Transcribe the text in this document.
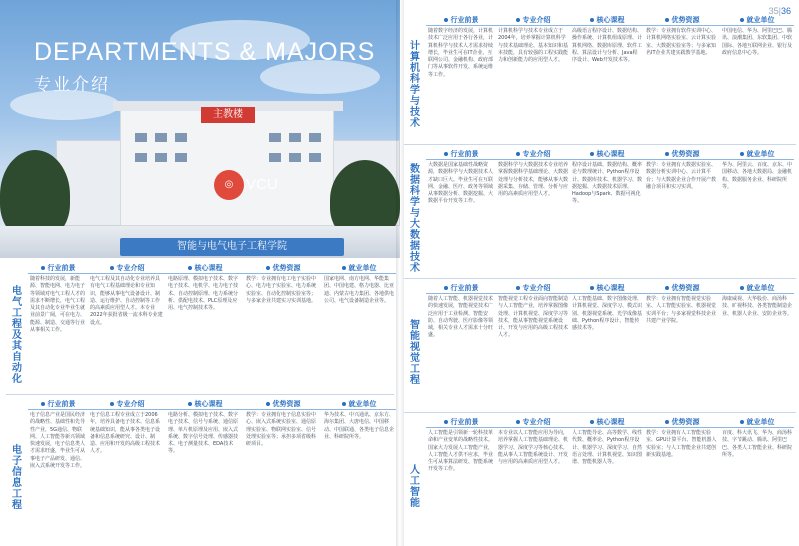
DEPARTMENTS & MAJORS
专业介绍
主教楼
◎ VCU
智能与电气电子工程学院
电气工程及其自动化
行业前景
随着科技的发展，新能源、智能电网、电力电子等领域对电气工程人才的需求不断增长，电气工程及其自动化专业毕业生就业前景广阔，可在电力、能源、制造、交通等行业从事相关工作。
专业介绍
电气工程及其自动化专业培养具有电气工程基础理论和专业知识，能够从事电气设备设计、制造、运行维护、自动控制等工作的高素质应用型人才。本专业2022年获批省级一流本科专业建设点。
核心课程
电路原理、模拟电子技术、数字电子技术、电机学、电力电子技术、自动控制原理、电力系统分析、供配电技术、PLC原理及应用、电气控制技术等。
优势资源
教学：专业拥有电工电子实验中心、电力电子实验室、电力系统实验室、自动化控制实验室等；与多家企业共建实习实训基地。
就业单位
国家电网、南方电网、华能集团、中国电建、格力电器、比亚迪、内蒙古电力集团、各地供电公司、电气设备制造企业等。
电子信息工程
行业前景
电子信息产业是国民经济的战略性、基础性和先导性产业，5G通信、物联网、人工智能等新兴领域快速发展，电子信息类人才需求旺盛，毕业生可从事电子产品研发、通信、嵌入式系统开发等工作。
专业介绍
电子信息工程专业成立于2006年，培养具备电子技术、信息系统基础知识，能从事各类电子设备和信息系统研究、设计、制造、应用和开发的高级工程技术人才。
核心课程
电路分析、模拟电子技术、数字电子技术、信号与系统、通信原理、单片机原理及应用、嵌入式系统、数字信号处理、传感器技术、电子测量技术、EDA技术等。
优势资源
教学：专业拥有电子信息实验中心、嵌入式系统实验室、通信原理实验室、物联网实验室、信号处理实验室等；承担多项省级科研项目。
就业单位
华为技术、中兴通讯、京东方、海尔集团、大唐电信、中国移动、中国联通、各类电子信息企业、科研院所等。
35|36
计算机科学与技术
行业前景
随着数字经济的发展，计算机技术广泛应用于各行各业，计算机科学与技术人才需求持续增长，毕业生可在IT企业、互联网公司、金融机构、政府部门等从事软件开发、系统运维等工作。
专业介绍
计算机科学与技术专业成立于2004年，培养掌握计算机科学与技术基础理论、基本知识和基本技能，具有较强的工程实践能力和创新能力的应用型人才。
核心课程
高级语言程序设计、数据结构、操作系统、计算机组成原理、计算机网络、数据库原理、软件工程、算法设计与分析、Java程序设计、Web开发技术等。
优势资源
教学：专业拥有软件实训中心、计算机网络实验室、云计算实验室、大数据实验室等；与多家知名IT企业共建实践教学基地。
就业单位
中国电信、华为、阿里巴巴、腾讯、浪潮集团、东软集团、中软国际、各地互联网企业、银行及政府信息中心等。
数据科学与大数据技术
行业前景
大数据是国家基础性战略资源，数据科学与大数据技术人才缺口巨大。毕业生可在互联网、金融、医疗、政务等领域从事数据分析、数据挖掘、大数据平台开发等工作。
专业介绍
数据科学与大数据技术专业培养掌握数据科学基础理论、大数据处理与分析技术，能够从事大数据采集、存储、管理、分析与应用的高素质应用型人才。
核心课程
程序设计基础、数据结构、概率论与数理统计、Python程序设计、数据库技术、机器学习、数据挖掘、大数据技术原理、Hadoop与Spark、数据可视化等。
优势资源
教学：专业拥有大数据实验室、数据分析实训中心、云计算平台；与大数据企业合作开展产教融合项目和实习实训。
就业单位
华为、阿里云、百度、京东、中国移动、各地大数据局、金融机构、数据服务企业、科研院所等。
智能视觉工程
行业前景
随着人工智能、机器视觉技术的快速发展，智能视觉技术广泛应用于工业检测、智能安防、自动驾驶、医疗影像等领域，相关专业人才需求十分旺盛。
专业介绍
智能视觉工程专业面向智能制造与人工智能产业，培养掌握图像处理、计算机视觉、深度学习等技术，能从事智能视觉系统设计、开发与应用的高级工程技术人才。
核心课程
人工智能基础、数字图像处理、计算机视觉、深度学习、模式识别、机器视觉系统、光学成像基础、Python程序设计、智能传感技术等。
优势资源
教学：专业拥有智能视觉实验室、人工智能实验室、机器视觉实训平台；与多家视觉科技企业共建产业学院。
就业单位
海康威视、大华股份、商汤科技、旷视科技、各类智能制造企业、机器人企业、安防企业等。
人工智能
行业前景
人工智能是引领新一轮科技革命和产业变革的战略性技术。国家大力发展人工智能产业，人工智能人才供不应求，毕业生可从事算法研发、智能系统开发等工作。
专业介绍
本专业以人工智能应用为导向，培养掌握人工智能基础理论、机器学习、深度学习等核心技术，能从事人工智能系统设计、开发与应用的高素质应用型人才。
核心课程
人工智能导论、高等数学、线性代数、概率论、Python程序设计、机器学习、深度学习、自然语言处理、计算机视觉、知识图谱、智能机器人等。
优势资源
教学：专业拥有人工智能实验室、GPU计算平台、智能机器人实验室；与人工智能企业共建创新实践基地。
就业单位
百度、科大讯飞、华为、商汤科技、字节跳动、腾讯、阿里巴巴、各类人工智能企业、科研院所等。
